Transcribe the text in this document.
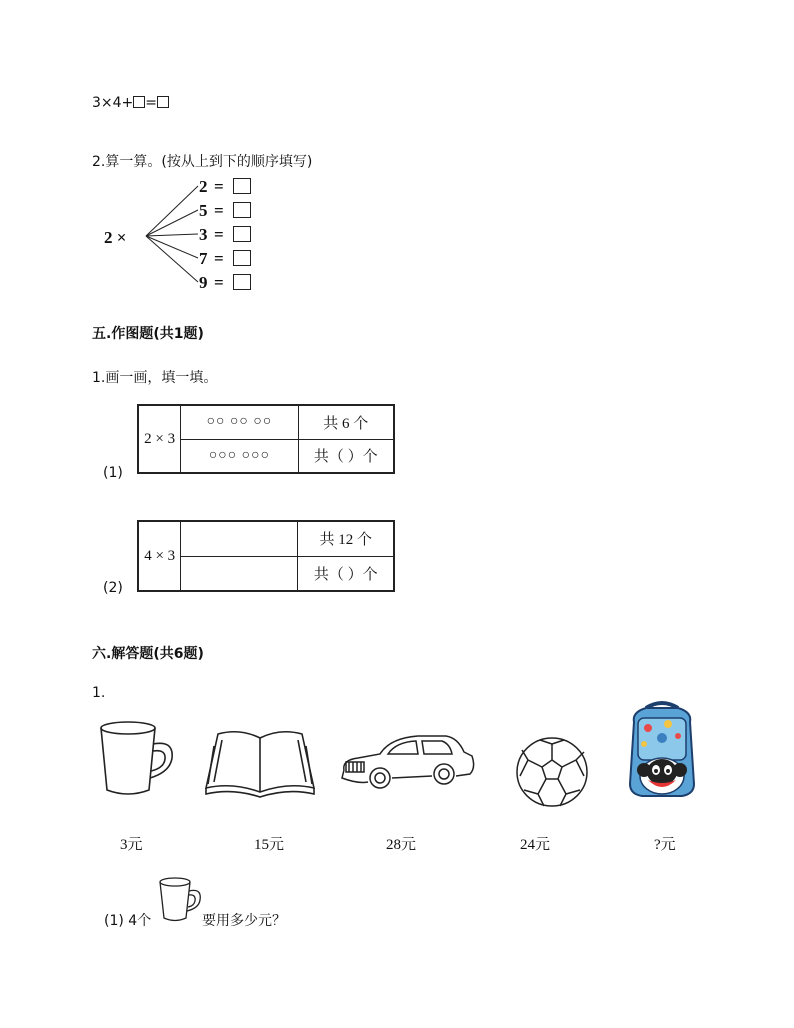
3×4+ =
2.算一算。(按从上到下的顺序填写)
2 ×
2 =
5 =
3 =
7 =
9 =
五.作图题(共1题)
1.画一画，填一填。
(1)
2 × 3	○○ ○○ ○○	共 6 个
	○○○ ○○○	共（ ）个
(2)
4 × 3		共 12 个
		共（ ）个
六.解答题(共6题)
1.
3元	15元	28元	24元	?元
(1) 4个	要用多少元？
